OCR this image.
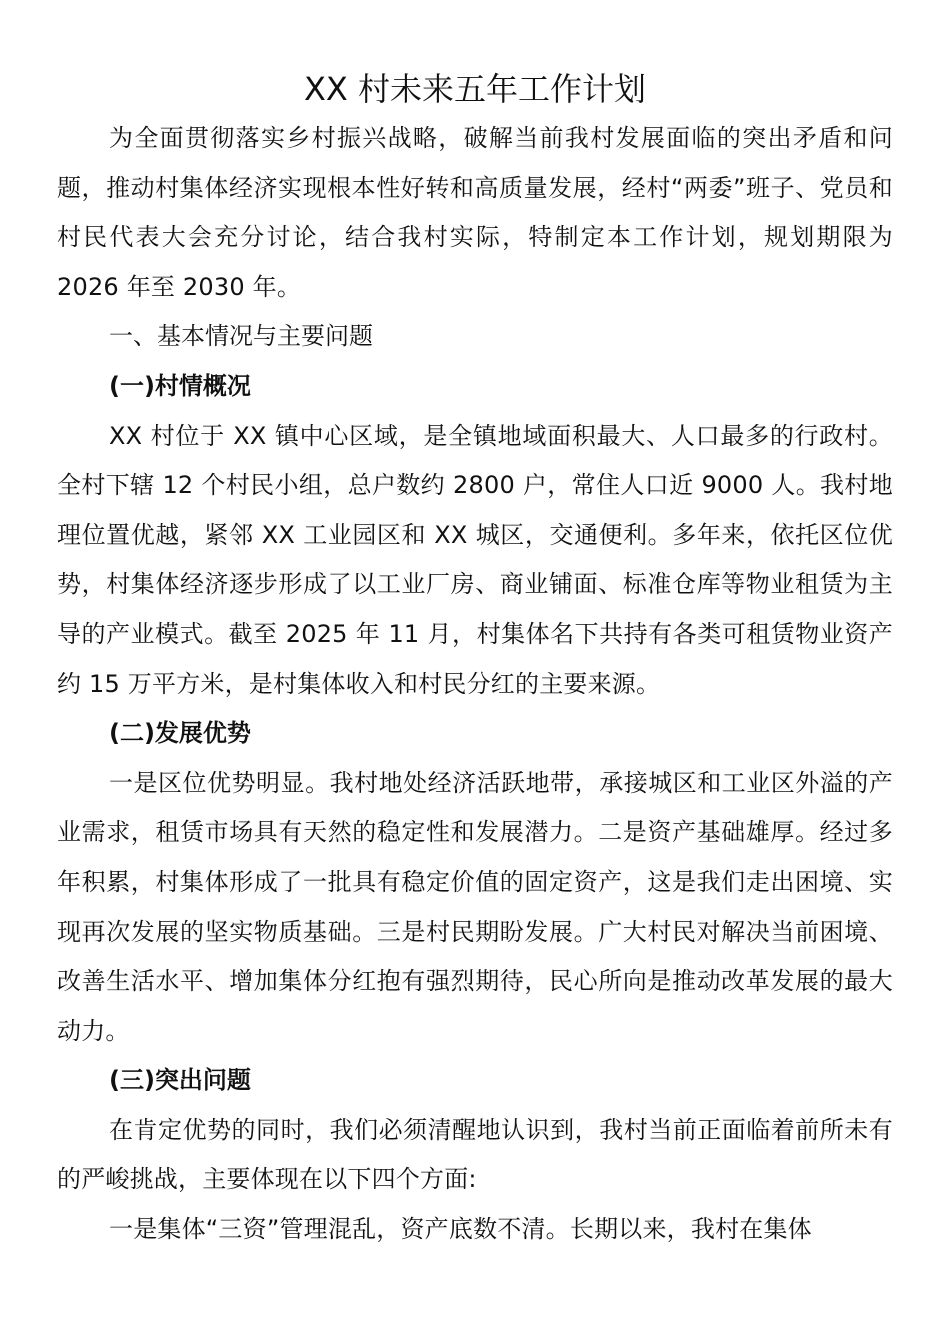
XX 村未来五年工作计划

为全面贯彻落实乡村振兴战略，破解当前我村发展面临的突出矛盾和问题，推动村集体经济实现根本性好转和高质量发展，经村“两委”班子、党员和村民代表大会充分讨论，结合我村实际，特制定本工作计划，规划期限为 2026 年至 2030 年。

一、基本情况与主要问题

(一)村情概况

XX 村位于 XX 镇中心区域，是全镇地域面积最大、人口最多的行政村。全村下辖 12 个村民小组，总户数约 2800 户，常住人口近 9000 人。我村地理位置优越，紧邻 XX 工业园区和 XX 城区，交通便利。多年来，依托区位优势，村集体经济逐步形成了以工业厂房、商业铺面、标准仓库等物业租赁为主导的产业模式。截至 2025 年 11 月，村集体名下共持有各类可租赁物业资产约 15 万平方米，是村集体收入和村民分红的主要来源。

(二)发展优势

一是区位优势明显。我村地处经济活跃地带，承接城区和工业区外溢的产业需求，租赁市场具有天然的稳定性和发展潜力。二是资产基础雄厚。经过多年积累，村集体形成了一批具有稳定价值的固定资产，这是我们走出困境、实现再次发展的坚实物质基础。三是村民期盼发展。广大村民对解决当前困境、改善生活水平、增加集体分红抱有强烈期待，民心所向是推动改革发展的最大动力。

(三)突出问题

在肯定优势的同时，我们必须清醒地认识到，我村当前正面临着前所未有的严峻挑战，主要体现在以下四个方面:

一是集体“三资”管理混乱，资产底数不清。长期以来，我村在集体
